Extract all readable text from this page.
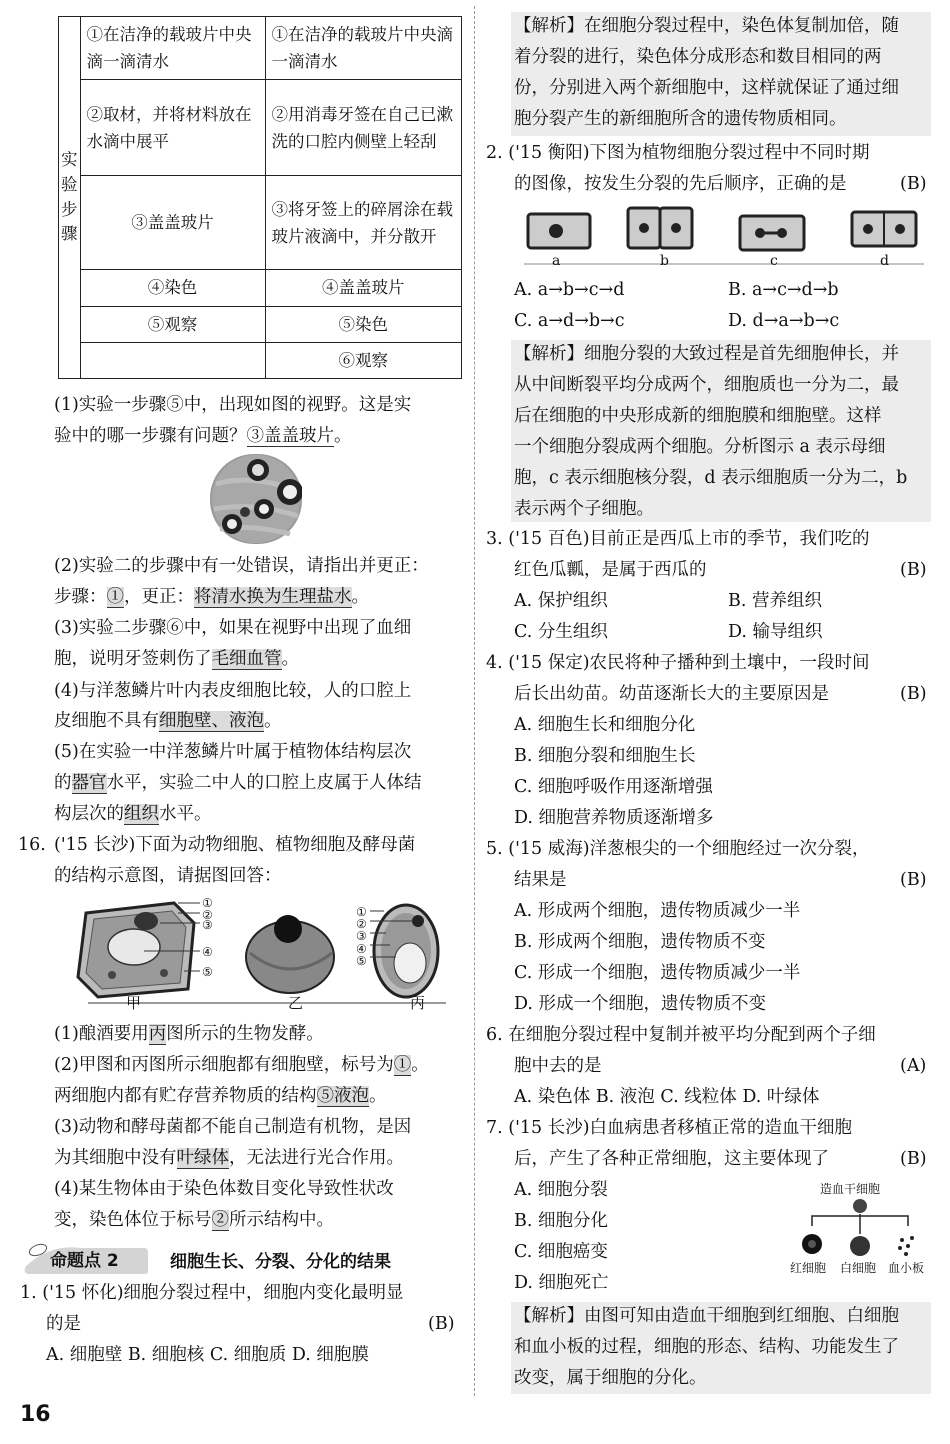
实
验
步
骤	①在洁净的载玻片中央滴一滴清水	①在洁净的载玻片中央滴一滴清水
	②取材，并将材料放在水滴中展平	②用消毒牙签在自己已漱洗的口腔内侧壁上轻刮
	③盖盖玻片	③将牙签上的碎屑涂在载玻片液滴中，并分散开
	④染色	④盖盖玻片
	⑤观察	⑤染色
		⑥观察
(1)实验一步骤⑤中，出现如图的视野。这是实
验中的哪一步骤有问题？③盖盖玻片。
(2)实验二的步骤中有一处错误，请指出并更正：
步骤：①，更正：将清水换为生理盐水。
(3)实验二步骤⑥中，如果在视野中出现了血细
胞，说明牙签刺伤了毛细血管。
(4)与洋葱鳞片叶内表皮细胞比较，人的口腔上
皮细胞不具有细胞壁、液泡。
(5)在实验一中洋葱鳞片叶属于植物体结构层次
的器官水平，实验二中人的口腔上皮属于人体结
构层次的组织水平。
16. ('15 长沙)下面为动物细胞、植物细胞及酵母菌
的结构示意图，请据图回答：
①
②
③
④
⑤
①
②
③
④
⑤
甲	乙	丙
(1)酿酒要用丙图所示的生物发酵。
(2)甲图和丙图所示细胞都有细胞壁，标号为①。
两细胞内都有贮存营养物质的结构⑤液泡。
(3)动物和酵母菌都不能自己制造有机物，是因
为其细胞中没有叶绿体，无法进行光合作用。
(4)某生物体由于染色体数目变化导致性状改
变，染色体位于标号②所示结构中。
命题点 2	细胞生长、分裂、分化的结果
1. ('15 怀化)细胞分裂过程中，细胞内变化最明显
的是	(B)
A. 细胞壁 B. 细胞核 C. 细胞质 D. 细胞膜
16
【解析】在细胞分裂过程中，染色体复制加倍，随
着分裂的进行，染色体分成形态和数目相同的两
份，分别进入两个新细胞中，这样就保证了通过细
胞分裂产生的新细胞所含的遗传物质相同。
2. ('15 衡阳)下图为植物细胞分裂过程中不同时期
的图像，按发生分裂的先后顺序，正确的是	(B)
a	b	c	d
A. a→b→c→d	B. a→c→d→b
C. a→d→b→c	D. d→a→b→c
【解析】细胞分裂的大致过程是首先细胞伸长，并
从中间断裂平均分成两个，细胞质也一分为二，最
后在细胞的中央形成新的细胞膜和细胞壁。这样
一个细胞分裂成两个细胞。分析图示 a 表示母细
胞，c 表示细胞核分裂，d 表示细胞质一分为二，b
表示两个子细胞。
3. ('15 百色)目前正是西瓜上市的季节，我们吃的
红色瓜瓤，是属于西瓜的	(B)
A. 保护组织	B. 营养组织
C. 分生组织	D. 输导组织
4. ('15 保定)农民将种子播种到土壤中，一段时间
后长出幼苗。幼苗逐渐长大的主要原因是	(B)
A. 细胞生长和细胞分化
B. 细胞分裂和细胞生长
C. 细胞呼吸作用逐渐增强
D. 细胞营养物质逐渐增多
5. ('15 威海)洋葱根尖的一个细胞经过一次分裂，
结果是	(B)
A. 形成两个细胞，遗传物质减少一半
B. 形成两个细胞，遗传物质不变
C. 形成一个细胞，遗传物质减少一半
D. 形成一个细胞，遗传物质不变
6. 在细胞分裂过程中复制并被平均分配到两个子细
胞中去的是	(A)
A. 染色体 B. 液泡 C. 线粒体 D. 叶绿体
7. ('15 长沙)白血病患者移植正常的造血干细胞
后，产生了各种正常细胞，这主要体现了	(B)
A. 细胞分裂
B. 细胞分化
C. 细胞癌变
D. 细胞死亡
造血干细胞
红细胞 白细胞 血小板
【解析】由图可知由造血干细胞到红细胞、白细胞
和血小板的过程，细胞的形态、结构、功能发生了
改变，属于细胞的分化。
